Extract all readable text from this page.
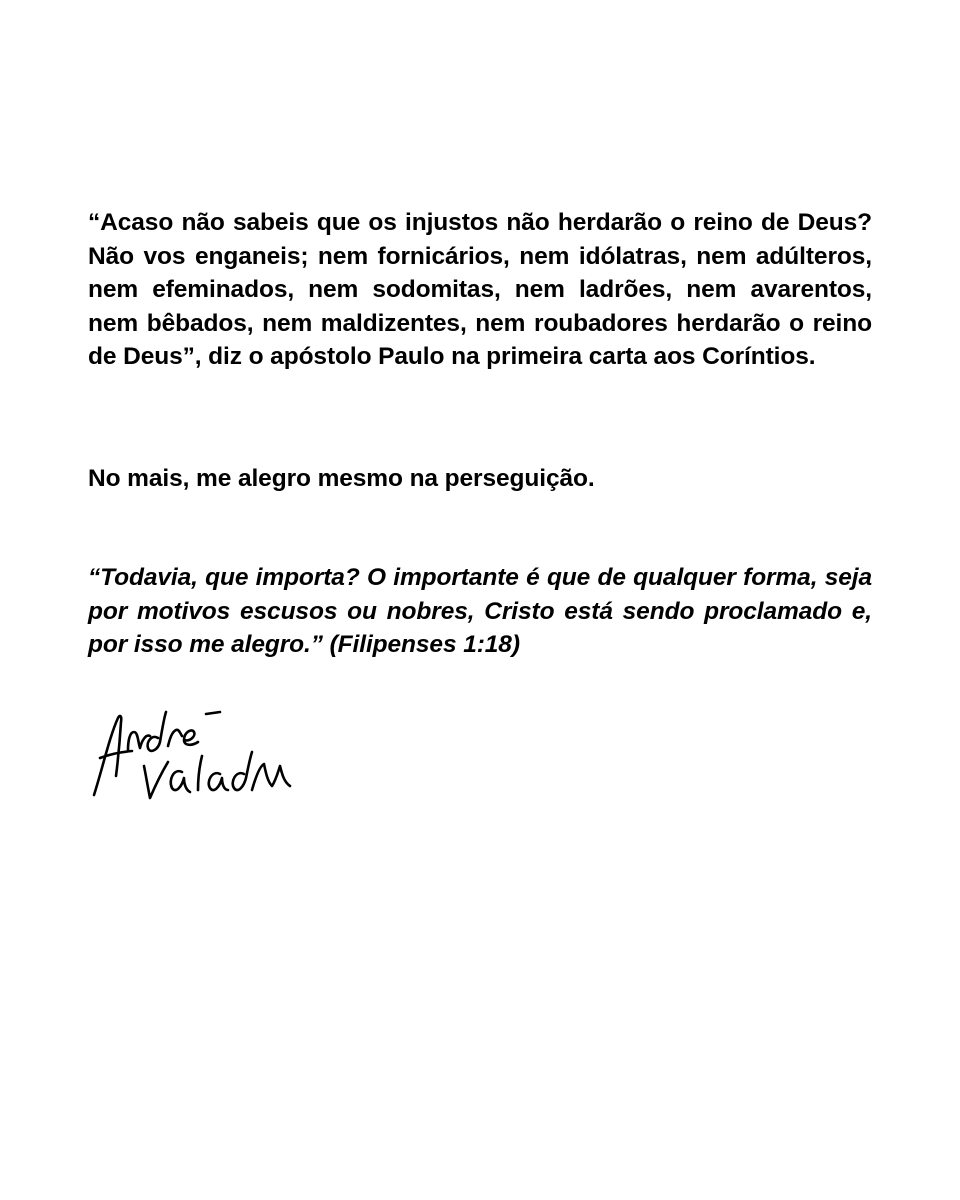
“Acaso não sabeis que os injustos não herdarão o reino de Deus? Não vos enganeis; nem fornicários, nem idólatras, nem adúlteros, nem efeminados, nem sodomitas, nem ladrões, nem avarentos, nem bêbados, nem maldizentes, nem roubadores herdarão o reino de Deus”, diz o apóstolo Paulo na primeira carta aos Coríntios.

No mais, me alegro mesmo na perseguição.

“Todavia, que importa? O importante é que de qualquer forma, seja por motivos escusos ou nobres, Cristo está sendo proclamado e, por isso me alegro.” (Filipenses 1:18)
